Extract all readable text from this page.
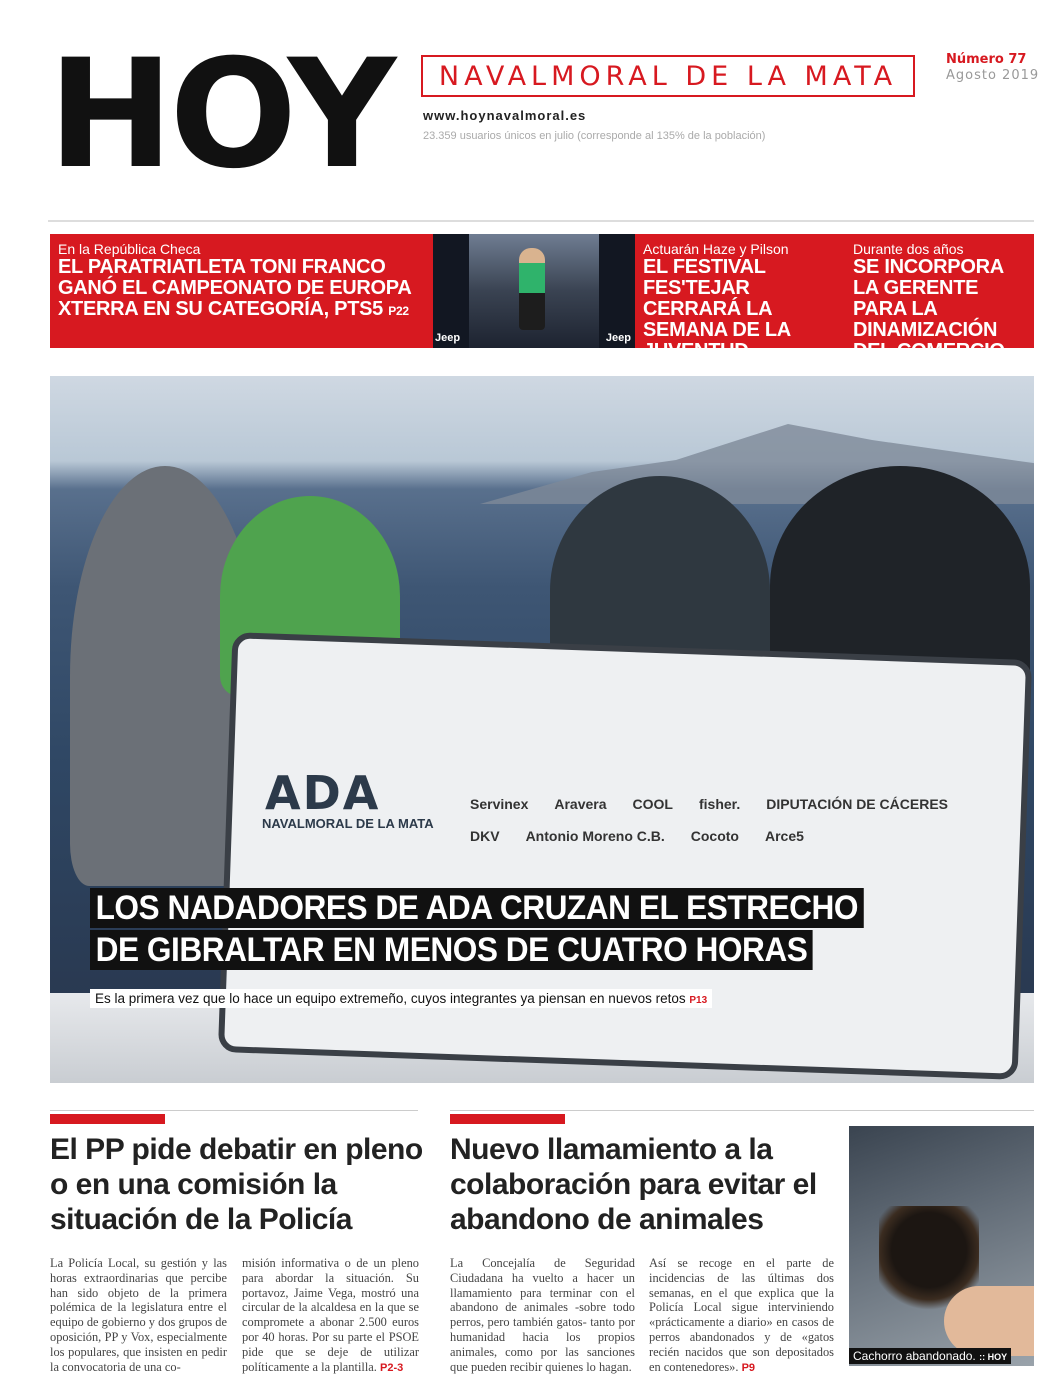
HOY NAVALMORAL DE LA MATA
Número 77
Agosto 2019
www.hoynavalmoral.es
23.359 usuarios únicos en julio (corresponde al 135% de la población)
En la República Checa
EL PARATRIATLETA TONI FRANCO GANÓ EL CAMPEONATO DE EUROPA XTERRA EN SU CATEGORÍA, PTS5 P22
Jeep	Jeep
Actuarán Haze y Pilson
EL FESTIVAL FES'TEJAR CERRARÁ LA SEMANA DE LA JUVENTUD P17
Durante dos años
SE INCORPORA LA GERENTE PARA LA DINAMIZACIÓN DEL COMERCIO P5
ADA
NAVALMORAL DE LA MATA
Servinex Aravera COOL fisher. DIPUTACIÓN DE CÁCERES
DKV Antonio Moreno C.B. Cocoto Arce5
LOS NADADORES DE ADA CRUZAN EL ESTRECHO
DE GIBRALTAR EN MENOS DE CUATRO HORAS
Es la primera vez que lo hace un equipo extremeño, cuyos integrantes ya piensan en nuevos retos P13
El PP pide debatir en pleno o en una comisión la situación de la Policía
La Policía Local, su gestión y las horas extraordinarias que percibe han sido objeto de la primera polémica de la legislatura entre el equipo de gobierno y dos grupos de oposición, PP y Vox, especialmente los populares, que insisten en pedir la convocatoria de una co-
misión informativa o de un pleno para abordar la situación. Su portavoz, Jaime Vega, mostró una circular de la alcaldesa en la que se compromete a abonar 2.500 euros por 40 horas. Por su parte el PSOE pide que se deje de utilizar políticamente a la plantilla. P2-3
Nuevo llamamiento a la colaboración para evitar el abandono de animales
La Concejalía de Seguridad Ciudadana ha vuelto a hacer un llamamiento para terminar con el abandono de animales -sobre todo perros, pero también gatos- tanto por humanidad hacia los propios animales, como por las sanciones que pueden recibir quienes lo hagan.
Así se recoge en el parte de incidencias de las últimas dos semanas, en el que explica que la Policía Local sigue interviniendo «prácticamente a diario» en casos de perros abandonados y de «gatos recién nacidos que son depositados en contenedores». P9
Cachorro abandonado. :: HOY
